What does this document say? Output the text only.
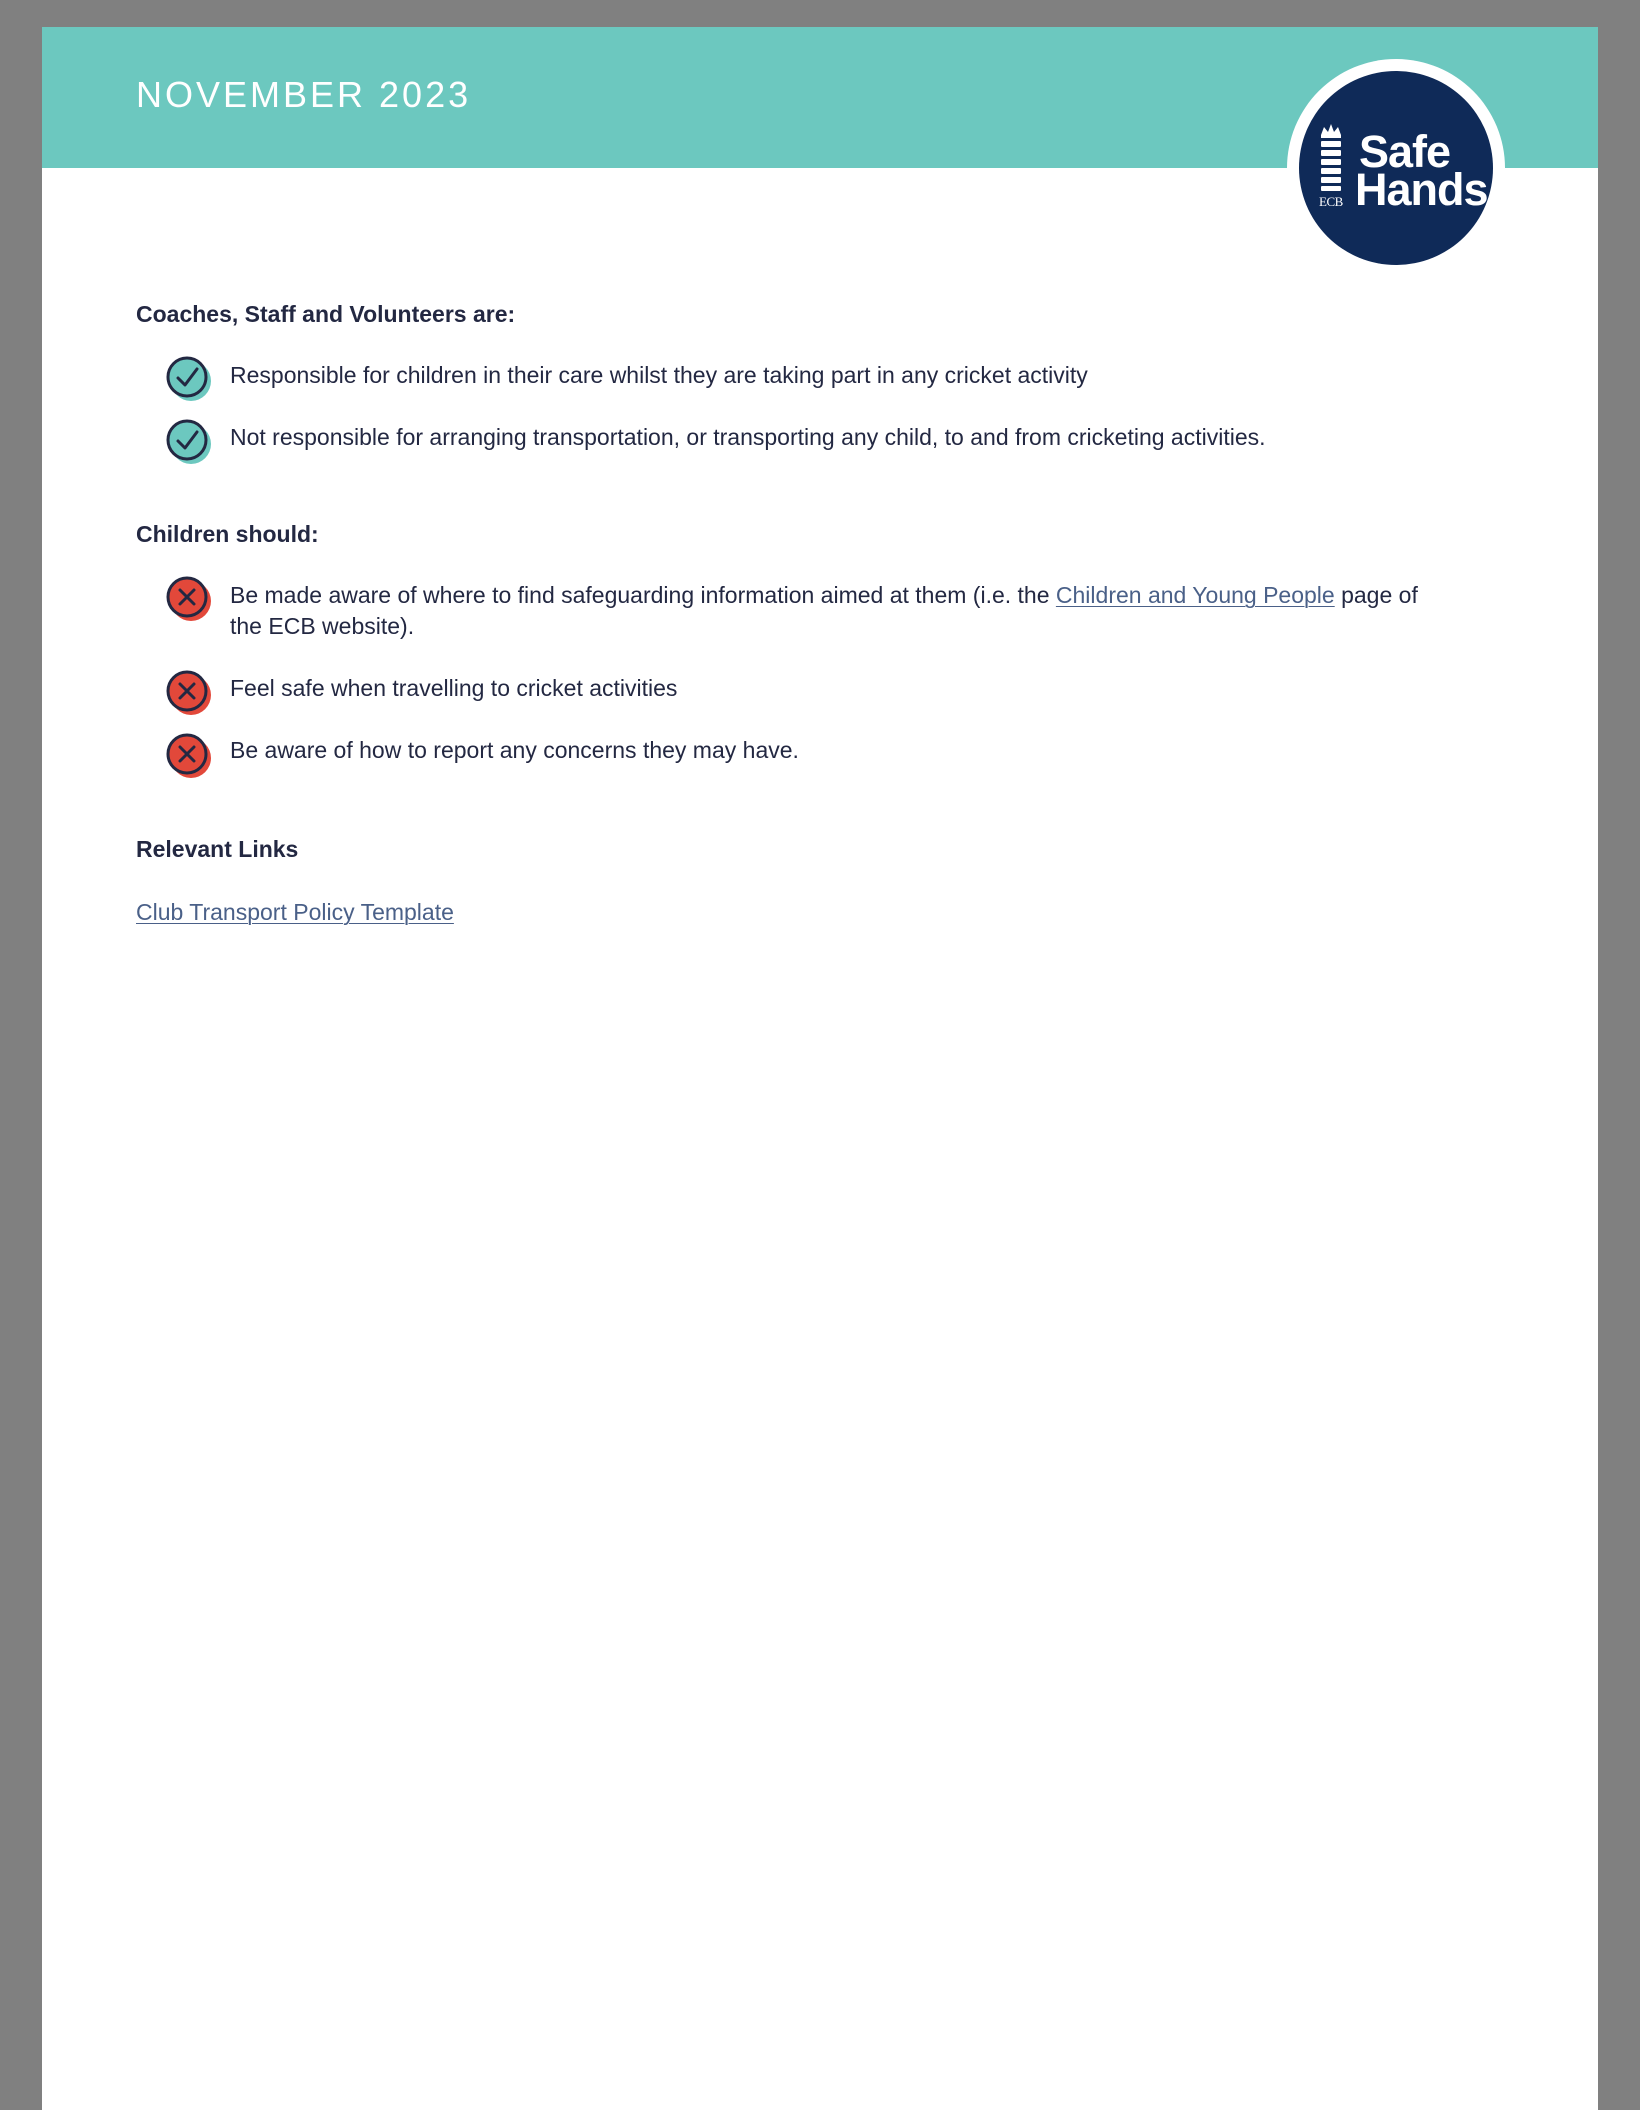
NOVEMBER 2023
ECB
Safe
Hands
Coaches, Staff and Volunteers are:
Responsible for children in their care whilst they are taking part in any cricket activity
Not responsible for arranging transportation, or transporting any child, to and from cricketing activities.
Children should:
Be made aware of where to find safeguarding information aimed at them (i.e. the Children and Young People page of the ECB website).
Feel safe when travelling to cricket activities
Be aware of how to report any concerns they may have.
Relevant Links
Club Transport Policy Template
